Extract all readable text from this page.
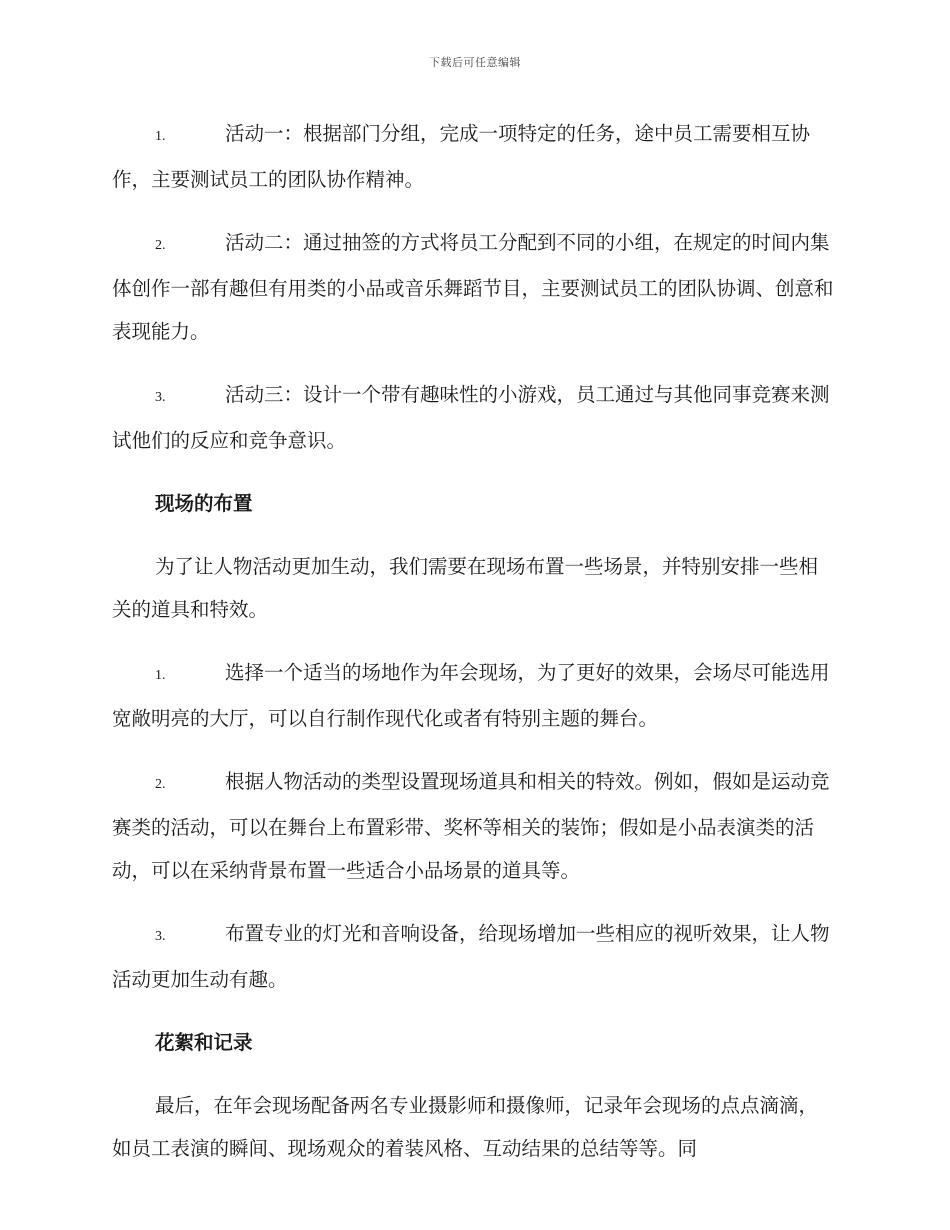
下载后可任意编辑

1.	活动一：根据部门分组，完成一项特定的任务，途中员工需要相互协作，主要测试员工的团队协作精神。

2.	活动二：通过抽签的方式将员工分配到不同的小组，在规定的时间内集体创作一部有趣但有用类的小品或音乐舞蹈节目，主要测试员工的团队协调、创意和表现能力。

3.	活动三：设计一个带有趣味性的小游戏，员工通过与其他同事竞赛来测试他们的反应和竞争意识。

现场的布置

为了让人物活动更加生动，我们需要在现场布置一些场景，并特别安排一些相关的道具和特效。

1.	选择一个适当的场地作为年会现场，为了更好的效果，会场尽可能选用宽敞明亮的大厅，可以自行制作现代化或者有特别主题的舞台。

2.	根据人物活动的类型设置现场道具和相关的特效。例如，假如是运动竞赛类的活动，可以在舞台上布置彩带、奖杯等相关的装饰；假如是小品表演类的活动，可以在采纳背景布置一些适合小品场景的道具等。

3.	布置专业的灯光和音响设备，给现场增加一些相应的视听效果，让人物活动更加生动有趣。

花絮和记录

最后，在年会现场配备两名专业摄影师和摄像师，记录年会现场的点点滴滴，如员工表演的瞬间、现场观众的着装风格、互动结果的总结等等。同
